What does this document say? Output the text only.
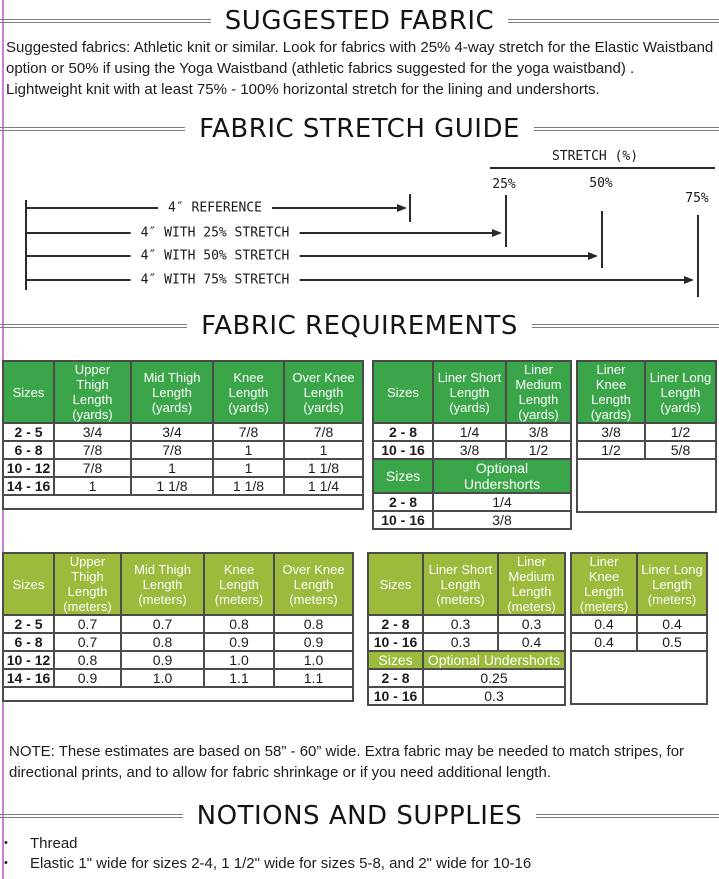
SUGGESTED FABRIC

Suggested fabrics: Athletic knit or similar. Look for fabrics with 25% 4-way stretch for the Elastic Waistband option or 50% if using the Yoga Waistband (athletic fabrics suggested for the yoga waistband) . Lightweight knit with at least 75% - 100% horizontal stretch for the lining and undershorts.

FABRIC STRETCH GUIDE
STRETCH (%)
25%	50%
75%
4″ REFERENCE
4″ WITH 25% STRETCH
4″ WITH 50% STRETCH
4″ WITH 75% STRETCH
FABRIC REQUIREMENTS
Sizes	Upper Thigh Length (yards)	Mid Thigh Length (yards)	Knee Length (yards)	Over Knee Length (yards)
2 - 5	3/4	3/4	7/8	7/8
6 - 8	7/8	7/8	1	1
10 - 12	7/8	1	1	1 1/8
14 - 16	1	1 1/8	1 1/8	1 1/4

Sizes	Liner Short Length (yards)	Liner Medium Length (yards)
2 - 8	1/4	3/8
10 - 16	3/8	1/2
Sizes	Optional Undershorts	
2 - 8	1/4	
10 - 16	3/8	
Liner Knee Length (yards)	Liner Long Length (yards)
3/8	1/2
1/2	5/8

Sizes	Upper Thigh Length (meters)	Mid Thigh Length (meters)	Knee Length (meters)	Over Knee Length (meters)
2 - 5	0.7	0.7	0.8	0.8
6 - 8	0.7	0.8	0.9	0.9
10 - 12	0.8	0.9	1.0	1.0
14 - 16	0.9	1.0	1.1	1.1

Sizes	Liner Short Length (meters)	Liner Medium Length (meters)
2 - 8	0.3	0.3
10 - 16	0.3	0.4
Sizes	Optional Undershorts	
2 - 8	0.25	
10 - 16	0.3	
Liner Knee Length (meters)	Liner Long Length (meters)
0.4	0.4
0.4	0.5

NOTE: These estimates are based on 58” - 60” wide. Extra fabric may be needed to match stripes, for directional prints, and to allow for fabric shrinkage or if you need additional length.

NOTIONS AND SUPPLIES
•
Thread
•
Elastic 1" wide for sizes 2-4, 1 1/2" wide for sizes 5-8, and 2" wide for 10-16
